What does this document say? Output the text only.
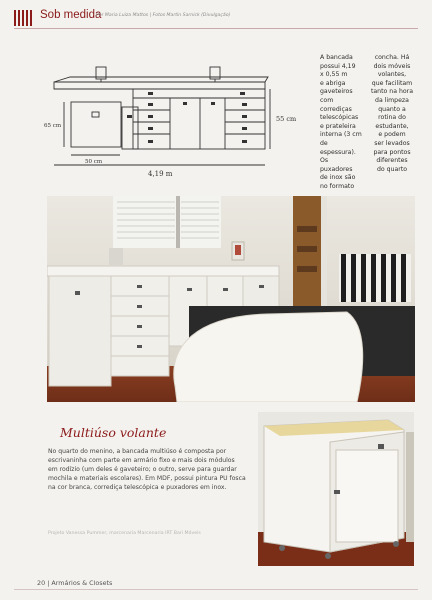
Sob medida
Por Maria Luiza Mattos | Fotos Martin Sarnick (Divulgação)
55 cm
65 cm
50 cm
4,19 m
A bancada
possui 4,19
x 0,55 m
e abriga
gaveteiros
com
corrediças
telescópicas
e prateleira
interna (3 cm
de espessura).
Os puxadores
de inox são
no formato
concha. Há
dois móveis
volantes,
que facilitam
tanto na hora
da limpeza
quanto a
rotina do
estudante,
e podem
ser levados
para pontos
diferentes
do quarto
Multiúso volante
No quarto do menino, a bancada multiúso é composta por escrivaninha com parte em armário fixo e mais dois módulos em rodízio (um deles é gaveteiro; o outro, serve para guardar mochila e materiais escolares). Em MDF, possui pintura PU fosca na cor branca, corrediça telescópica e puxadores em inox.
Projeto Vanessa Pummer, marcenaria Marcenaria IRT Bari Móveis
20 | Armários & Closets
